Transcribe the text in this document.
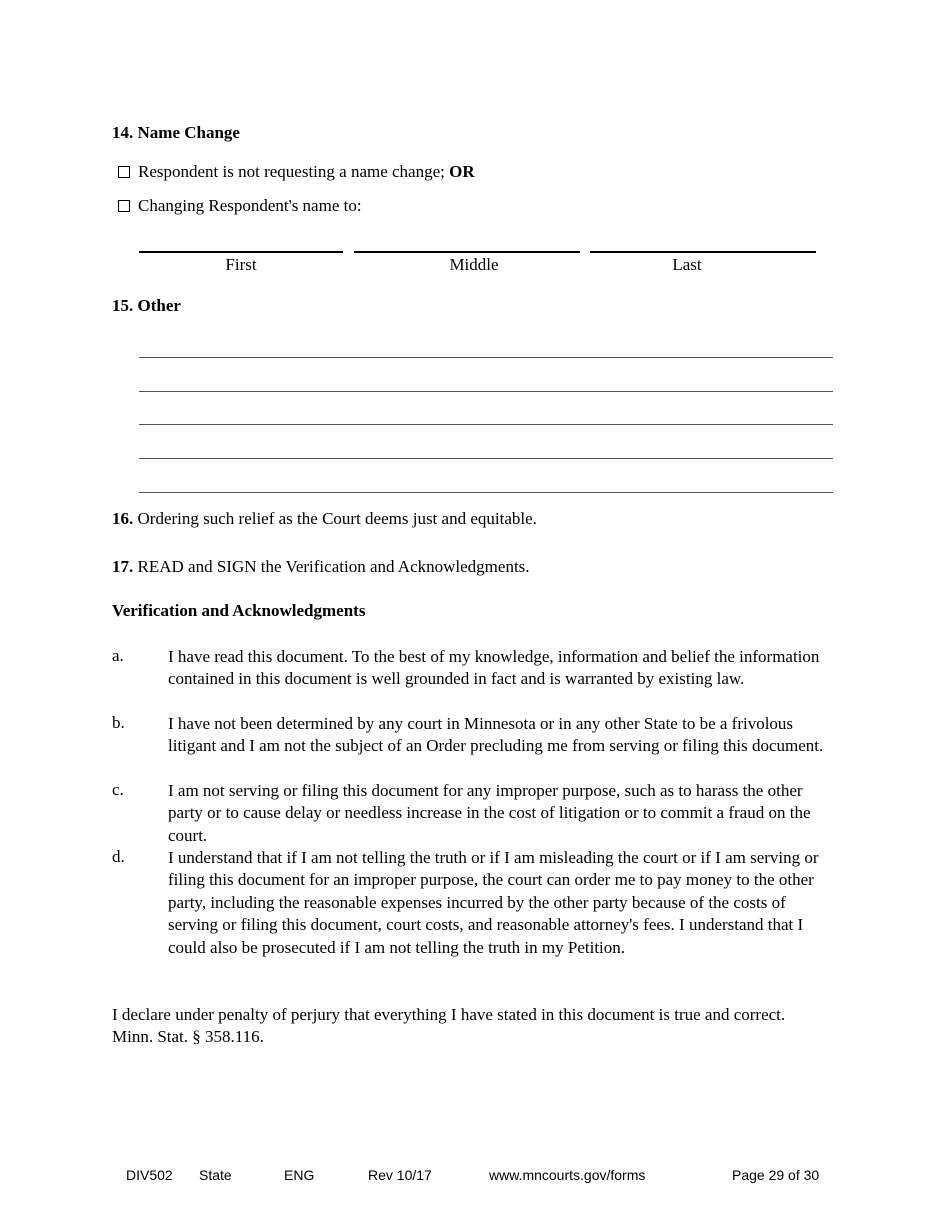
14. Name Change
Respondent is not requesting a name change; OR
Changing Respondent's name to:
First	Middle	Last
15. Other
16. Ordering such relief as the Court deems just and equitable.
17. READ and SIGN the Verification and Acknowledgments.
Verification and Acknowledgments
a.	I have read this document. To the best of my knowledge, information and belief the information contained in this document is well grounded in fact and is warranted by existing law.
b.	I have not been determined by any court in Minnesota or in any other State to be a frivolous litigant and I am not the subject of an Order precluding me from serving or filing this document.
c.	I am not serving or filing this document for any improper purpose, such as to harass the other party or to cause delay or needless increase in the cost of litigation or to commit a fraud on the court.
d.	I understand that if I am not telling the truth or if I am misleading the court or if I am serving or filing this document for an improper purpose, the court can order me to pay money to the other party, including the reasonable expenses incurred by the other party because of the costs of serving or filing this document, court costs, and reasonable attorney's fees. I understand that I could also be prosecuted if I am not telling the truth in my Petition.
I declare under penalty of perjury that everything I have stated in this document is true and correct. Minn. Stat. § 358.116.
DIV502 State	ENG	Rev 10/17	www.mncourts.gov/forms	Page 29 of 30
